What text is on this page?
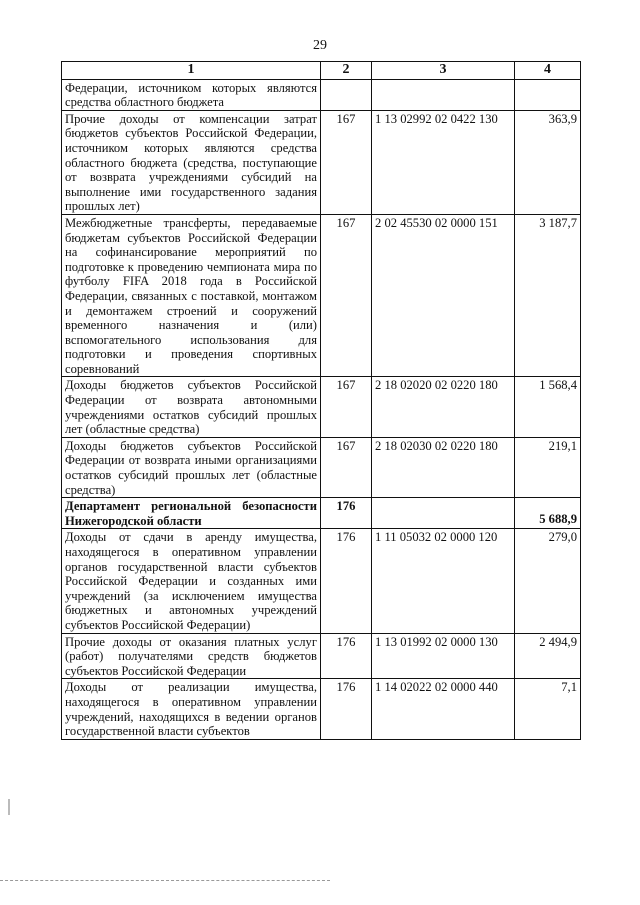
29
1	2	3	4
Федерации, источником которых являются средства областного бюджета			
Прочие доходы от компенсации затрат бюджетов субъектов Российской Федерации, источником которых являются средства областного бюджета (средства, поступающие от возврата учреждениями субсидий на выполнение ими государственного задания прошлых лет)	167	1 13 02992 02 0422 130	363,9
Межбюджетные трансферты, передаваемые бюджетам субъектов Российской Федерации на софинансирование мероприятий по подготовке к проведению чемпионата мира по футболу FIFA 2018 года в Российской Федерации, связанных с поставкой, монтажом и демонтажем строений и сооружений временного назначения и (или) вспомогательного использования для подготовки и проведения спортивных соревнований	167	2 02 45530 02 0000 151	3 187,7
Доходы бюджетов субъектов Российской Федерации от возврата автономными учреждениями остатков субсидий прошлых лет (областные средства)	167	2 18 02020 02 0220 180	1 568,4
Доходы бюджетов субъектов Российской Федерации от возврата иными организациями остатков субсидий прошлых лет (областные средства)	167	2 18 02030 02 0220 180	219,1
Департамент региональной безопасности Нижегородской области	176		5 688,9
Доходы от сдачи в аренду имущества, находящегося в оперативном управлении органов государственной власти субъектов Российской Федерации и созданных ими учреждений (за исключением имущества бюджетных и автономных учреждений субъектов Российской Федерации)	176	1 11 05032 02 0000 120	279,0
Прочие доходы от оказания платных услуг (работ) получателями средств бюджетов субъектов Российской Федерации	176	1 13 01992 02 0000 130	2 494,9
Доходы от реализации имущества, находящегося в оперативном управлении учреждений, находящихся в ведении органов государственной власти субъектов	176	1 14 02022 02 0000 440	7,1
